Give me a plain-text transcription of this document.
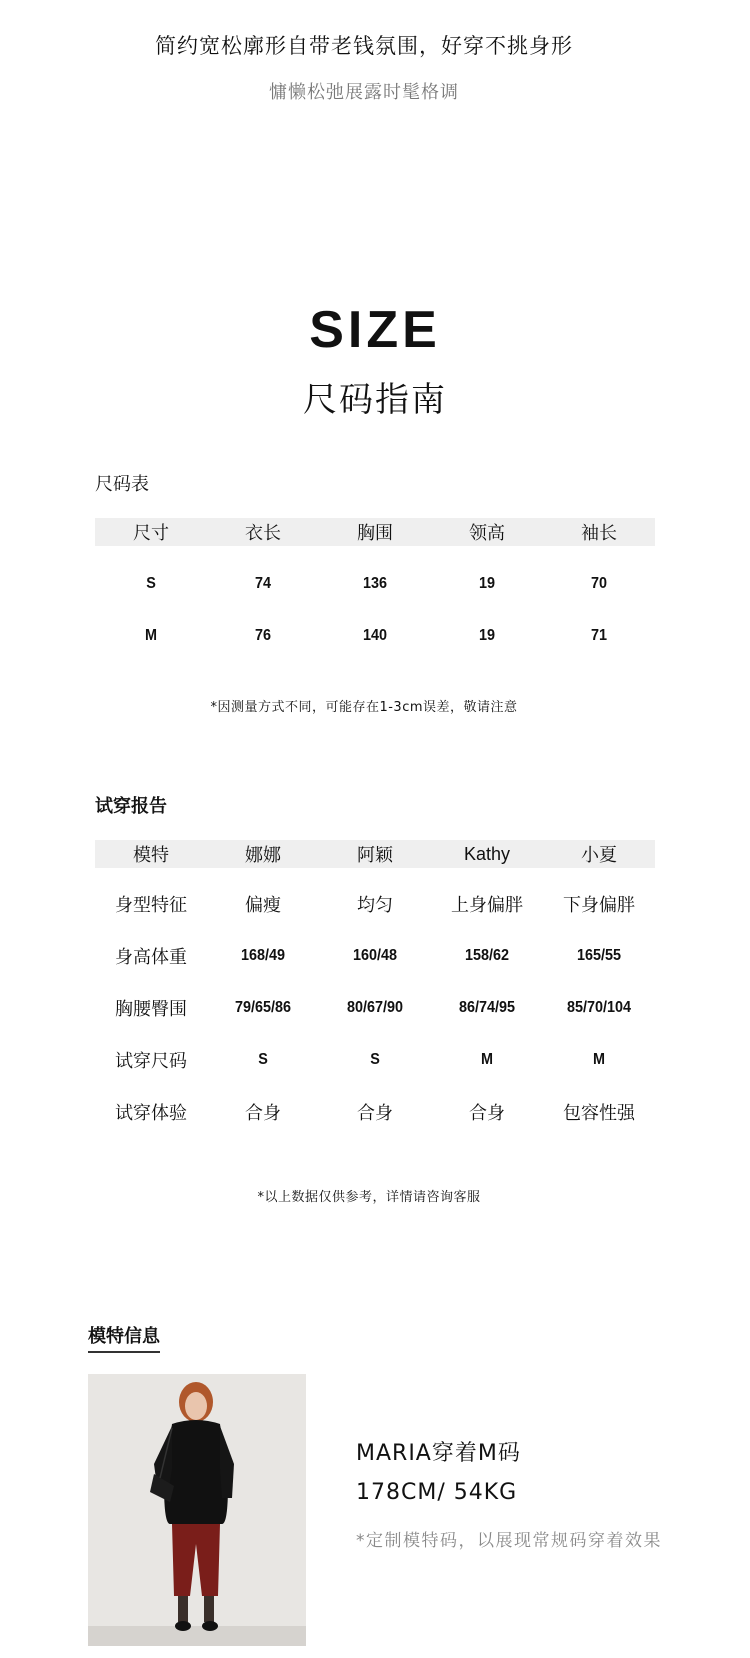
简约宽松廓形自带老钱氛围，好穿不挑身形
慵懒松弛展露时髦格调
SIZE
尺码指南
尺码表
尺寸	衣长	胸围	领高	袖长
S	74	136	19	70
M	76	140	19	71
*因测量方式不同，可能存在1-3cm误差，敬请注意
试穿报告
模特	娜娜	阿颖	Kathy	小夏
身型特征	偏瘦	均匀	上身偏胖	下身偏胖
身高体重	168/49	160/48	158/62	165/55
胸腰臀围	79/65/86	80/67/90	86/74/95	85/70/104
试穿尺码	S	S	M	M
试穿体验	合身	合身	合身	包容性强
*以上数据仅供参考，详情请咨询客服
模特信息
MARIA穿着M码
178CM/ 54KG
*定制模特码，以展现常规码穿着效果
